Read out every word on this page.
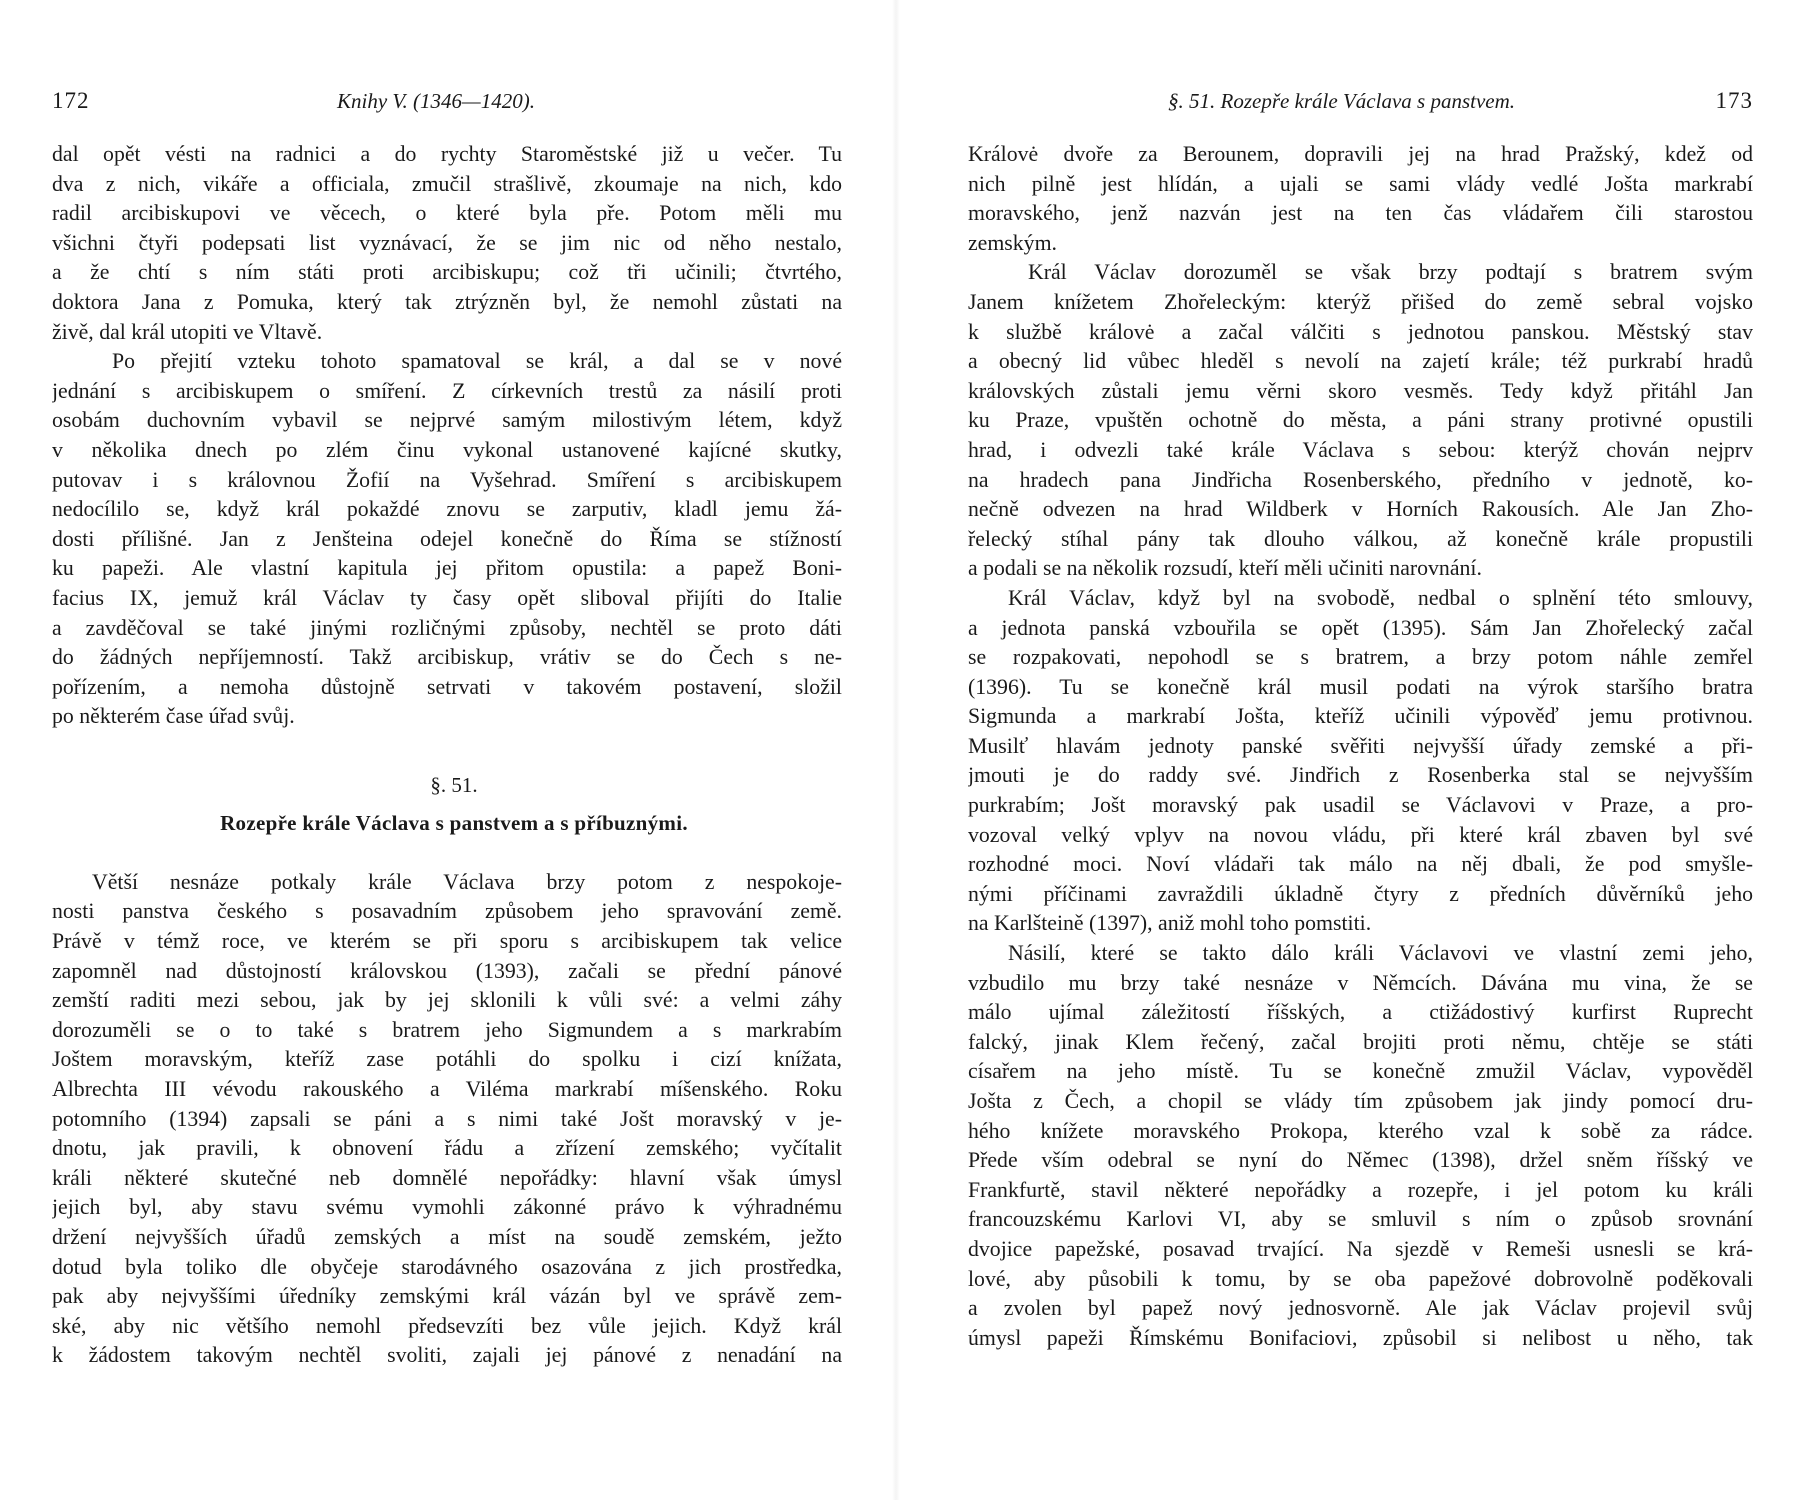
172	Knihy V. (1346—1420).
dal opět vésti na radnici a do rychty Staroměstské již u večer. Tu
dva z nich, vikáře a officiala, zmučil strašlivě, zkoumaje na nich, kdo
radil arcibiskupovi ve věcech, o které byla pře. Potom měli mu
všichni čtyři podepsati list vyznávací, že se jim nic od něho nestalo,
a že chtí s ním státi proti arcibiskupu; což tři učinili; čtvrtého,
doktora Jana z Pomuka, který tak ztrýzněn byl, že nemohl zůstati na
živě, dal král utopiti ve Vltavě.
Po přejití vzteku tohoto spamatoval se král, a dal se v nové
jednání s arcibiskupem o smíření. Z církevních trestů za násilí proti
osobám duchovním vybavil se nejprvé samým milostivým létem, když
v několika dnech po zlém činu vykonal ustanovené kajícné skutky,
putovav i s královnou Žofií na Vyšehrad. Smíření s arcibiskupem
nedocílilo se, když král pokaždé znovu se zarputiv, kladl jemu žá-
dosti přílišné. Jan z Jenšteina odejel konečně do Říma se stížností
ku papeži. Ale vlastní kapitula jej přitom opustila: a papež Boni-
facius IX, jemuž král Václav ty časy opět sliboval přijíti do Italie
a zavděčoval se také jinými rozličnými způsoby, nechtěl se proto dáti
do žádných nepříjemností. Takž arcibiskup, vrátiv se do Čech s ne-
pořízením, a nemoha důstojně setrvati v takovém postavení, složil
po některém čase úřad svůj.
§. 51.
Rozepře krále Václava s panstvem a s příbuznými.
Větší nesnáze potkaly krále Václava brzy potom z nespokoje-
nosti panstva českého s posavadním způsobem jeho spravování země.
Právě v témž roce, ve kterém se při sporu s arcibiskupem tak velice
zapomněl nad důstojností královskou (1393), začali se přední pánové
zemští raditi mezi sebou, jak by jej sklonili k vůli své: a velmi záhy
dorozuměli se o to také s bratrem jeho Sigmundem a s markrabím
Joštem moravským, kteříž zase potáhli do spolku i cizí knížata,
Albrechta III vévodu rakouského a Viléma markrabí míšenského. Roku
potomního (1394) zapsali se páni a s nimi také Jošt moravský v je-
dnotu, jak pravili, k obnovení řádu a zřízení zemského; vyčítalit
králi některé skutečné neb domnělé nepořádky: hlavní však úmysl
jejich byl, aby stavu svému vymohli zákonné právo k výhradnému
držení nejvyšších úřadů zemských a míst na soudě zemském, ježto
dotud byla toliko dle obyčeje starodávného osazována z jich prostředka,
pak aby nejvyššími úředníky zemskými král vázán byl ve správě zem-
ské, aby nic většího nemohl předsevzíti bez vůle jejich. Když král
k žádostem takovým nechtěl svoliti, zajali jej pánové z nenadání na
§. 51. Rozepře krále Václava s panstvem.	173
Královė dvoře za Berounem, dopravili jej na hrad Pražský, kdež od
nich pilně jest hlídán, a ujali se sami vlády vedlé Jošta markrabí
moravského, jenž nazván jest na ten čas vládařem čili starostou
zemským.
Král Václav dorozuměl se však brzy podtají s bratrem svým
Janem knížetem Zhořeleckým: kterýž přišed do země sebral vojsko
k službě královė a začal válčiti s jednotou panskou. Městský stav
a obecný lid vůbec hleděl s nevolí na zajetí krále; též purkrabí hradů
královských zůstali jemu věrni skoro vesměs. Tedy když přitáhl Jan
ku Praze, vpuštěn ochotně do města, a páni strany protivné opustili
hrad, i odvezli také krále Václava s sebou: kterýž chován nejprv
na hradech pana Jindřicha Rosenberského, předního v jednotě, ko-
nečně odvezen na hrad Wildberk v Horních Rakousích. Ale Jan Zho-
řelecký stíhal pány tak dlouho válkou, až konečně krále propustili
a podali se na několik rozsudí, kteří měli učiniti narovnání.
Král Václav, když byl na svobodě, nedbal o splnění této smlouvy,
a jednota panská vzbouřila se opět (1395). Sám Jan Zhořelecký začal
se rozpakovati, nepohodl se s bratrem, a brzy potom náhle zemřel
(1396). Tu se konečně král musil podati na výrok staršího bratra
Sigmunda a markrabí Jošta, kteříž učinili výpověď jemu protivnou.
Musilť hlavám jednoty panské svěřiti nejvyšší úřady zemské a při-
jmouti je do raddy své. Jindřich z Rosenberka stal se nejvyšším
purkrabím; Jošt moravský pak usadil se Václavovi v Praze, a pro-
vozoval velký vplyv na novou vládu, při které král zbaven byl své
rozhodné moci. Noví vládaři tak málo na něj dbali, že pod smyšle-
nými příčinami zavraždili úkladně čtyry z předních důvěrníků jeho
na Karlšteině (1397), aniž mohl toho pomstiti.
Násilí, které se takto dálo králi Václavovi ve vlastní zemi jeho,
vzbudilo mu brzy také nesnáze v Němcích. Dávána mu vina, že se
málo ujímal záležitostí říšských, a ctižádostivý kurfirst Ruprecht
falcký, jinak Klem řečený, začal brojiti proti němu, chtěje se státi
císařem na jeho místě. Tu se konečně zmužil Václav, vypověděl
Jošta z Čech, a chopil se vlády tím způsobem jak jindy pomocí dru-
hého knížete moravského Prokopa, kterého vzal k sobě za rádce.
Přede vším odebral se nyní do Němec (1398), držel sněm říšský ve
Frankfurtě, stavil některé nepořádky a rozepře, i jel potom ku králi
francouzskému Karlovi VI, aby se smluvil s ním o způsob srovnání
dvojice papežské, posavad trvající. Na sjezdě v Remeši usnesli se krá-
lové, aby působili k tomu, by se oba papežové dobrovolně poděkovali
a zvolen byl papež nový jednosvorně. Ale jak Václav projevil svůj
úmysl papeži Římskému Bonifaciovi, způsobil si nelibost u něho, tak
